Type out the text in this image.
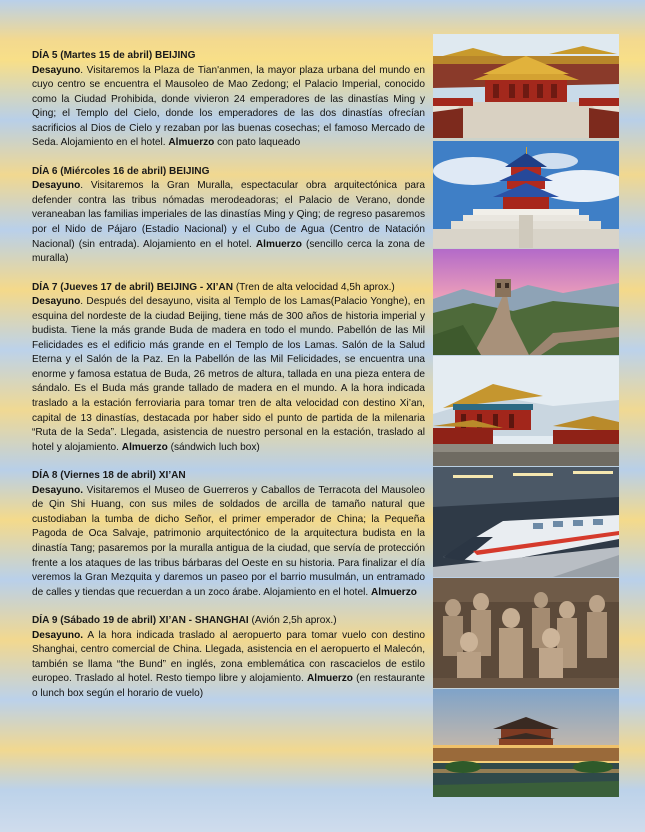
DÍA 5 (Martes 15 de abril) BEIJING
Desayuno. Visitaremos la Plaza de Tian'anmen, la mayor plaza urbana del mundo en cuyo centro se encuentra el Mausoleo de Mao Zedong; el Palacio Imperial, conocido como la Ciudad Prohibida, donde vivieron 24 emperadores de las dinastías Ming y Qing; el Templo del Cielo, donde los emperadores de las dos dinastías ofrecían sacrificios al Dios de Cielo y rezaban por las buenas cosechas; el famoso Mercado de Seda. Alojamiento en el hotel. Almuerzo con pato laqueado

DÍA 6 (Miércoles 16 de abril) BEIJING
Desayuno. Visitaremos la Gran Muralla, espectacular obra arquitectónica para defender contra las tribus nómadas merodeadoras; el Palacio de Verano, donde veraneaban las familias imperiales de las dinastías Ming y Qing; de regreso pasaremos por el Nido de Pájaro (Estadio Nacional) y el Cubo de Agua (Centro de Natación Nacional) (sin entrada). Alojamiento en el hotel. Almuerzo (sencillo cerca la zona de muralla)

DÍA 7 (Jueves 17 de abril) BEIJING - XI’AN (Tren de alta velocidad 4,5h aprox.)
Desayuno. Después del desayuno, visita al Templo de los Lamas(Palacio Yonghe), en esquina del nordeste de la ciudad Beijing, tiene más de 300 años de historia imperial y budista. Tiene la más grande Buda de madera en todo el mundo. Pabellón de las Mil Felicidades es el edificio más grande en el Templo de los Lamas. Salón de la Salud Eterna y el Salón de la Paz. En la Pabellón de las Mil Felicidades, se encuentra una enorme y famosa estatua de Buda, 26 metros de altura, tallada en una pieza entera de sándalo. Es el Buda más grande tallado de madera en el mundo. A la hora indicada traslado a la estación ferroviaria para tomar tren de alta velocidad con destino Xi’an, capital de 13 dinastías, destacada por haber sido el punto de partida de la milenaria “Ruta de la Seda”. Llegada, asistencia de nuestro personal en la estación, traslado al hotel y alojamiento. Almuerzo (sándwich luch box)

DÍA 8 (Viernes 18 de abril) XI’AN
Desayuno. Visitaremos el Museo de Guerreros y Caballos de Terracota del Mausoleo de Qin Shi Huang, con sus miles de soldados de arcilla de tamaño natural que custodiaban la tumba de dicho Señor, el primer emperador de China; la Pequeña Pagoda de Oca Salvaje, patrimonio arquitectónico de la arquitectura budista en la dinastía Tang; pasaremos por la muralla antigua de la ciudad, que servía de protección frente a los ataques de las tribus bárbaras del Oeste en su historia. Para finalizar el día veremos la Gran Mezquita y daremos un paseo por el barrio musulmán, un entramado de calles y tiendas que recuerdan a un zoco árabe. Alojamiento en el hotel. Almuerzo

DÍA 9 (Sábado 19 de abril) XI’AN - SHANGHAI (Avión 2,5h aprox.)
Desayuno. A la hora indicada traslado al aeropuerto para tomar vuelo con destino Shanghai, centro comercial de China. Llegada, asistencia en el aeropuerto el Malecón, también se llama “the Bund” en inglés, zona emblemática con rascacielos de estilo europeo. Traslado al hotel. Resto tiempo libre y alojamiento. Almuerzo (en restaurante o lunch box según el horario de vuelo)
